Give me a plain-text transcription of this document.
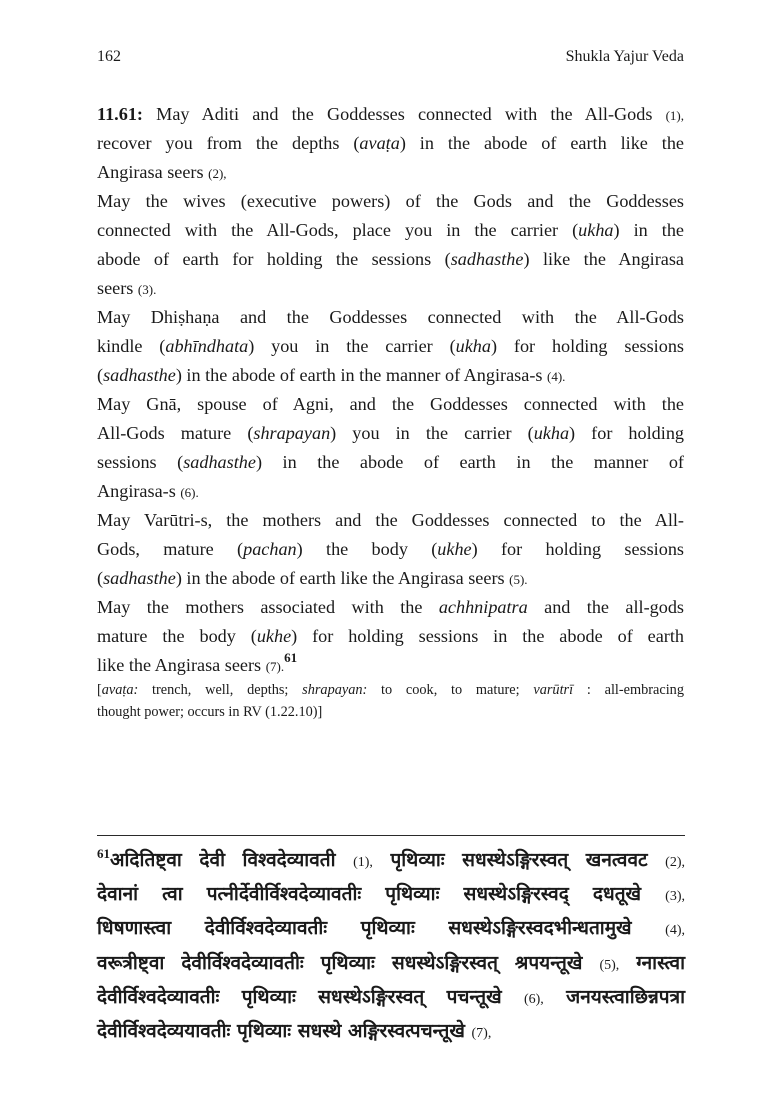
162	Shukla Yajur Veda
11.61: May Aditi and the Goddesses connected with the All-Gods (1),
recover you from the depths (avaṭa) in the abode of earth like the
Angirasa seers (2),
May the wives (executive powers) of the Gods and the Goddesses
connected with the All-Gods, place you in the carrier (ukha) in the
abode of earth for holding the sessions (sadhasthe) like the Angirasa
seers (3).
May Dhiṣhaṇa and the Goddesses connected with the All-Gods
kindle (abhīndhata) you in the carrier (ukha) for holding sessions
(sadhasthe) in the abode of earth in the manner of Angirasa-s (4).
May Gnā, spouse of Agni, and the Goddesses connected with the
All-Gods mature (shrapayan) you in the carrier (ukha) for holding
sessions (sadhasthe) in the abode of earth in the manner of
Angirasa-s (6).
May Varūtri-s, the mothers and the Goddesses connected to the All-
Gods, mature (pachan) the body (ukhe) for holding sessions
(sadhasthe) in the abode of earth like the Angirasa seers (5).
May the mothers associated with the achhnipatra and the all-gods
mature the body (ukhe) for holding sessions in the abode of earth
like the Angirasa seers (7).$^{61}$
[avaṭa: trench, well, depths; shrapayan: to cook, to mature; varūtrī : all-embracing
thought power; occurs in RV (1.22.10)]
$^{61}$अदितिष्ट्वा देवी विश्वदेव्यावती (1), पृथिव्याः सधस्थेऽङ्गिरस्वत् खनत्ववट (2),
देवानां त्वा पत्नीर्देवीर्विश्वदेव्यावतीः पृथिव्याः सधस्थेऽङ्गिरस्वद् दधतूखे (3),
धिषणास्त्वा देवीर्विश्वदेव्यावतीः पृथिव्याः सधस्थेऽङ्गिरस्वदभीन्धतामुखे (4),
वरूत्रीष्ट्वा देवीर्विश्वदेव्यावतीः पृथिव्याः सधस्थेऽङ्गिरस्वत् श्रपयन्तूखे (5), ग्नास्त्वा
देवीर्विश्वदेव्यावतीः पृथिव्याः सधस्थेऽङ्गिरस्वत् पचन्तूखे (6), जनयस्त्वाछिन्नपत्रा
देवीर्विश्वदेव्ययावतीः पृथिव्याः सधस्थे अङ्गिरस्वत्पचन्तूखे (7),
